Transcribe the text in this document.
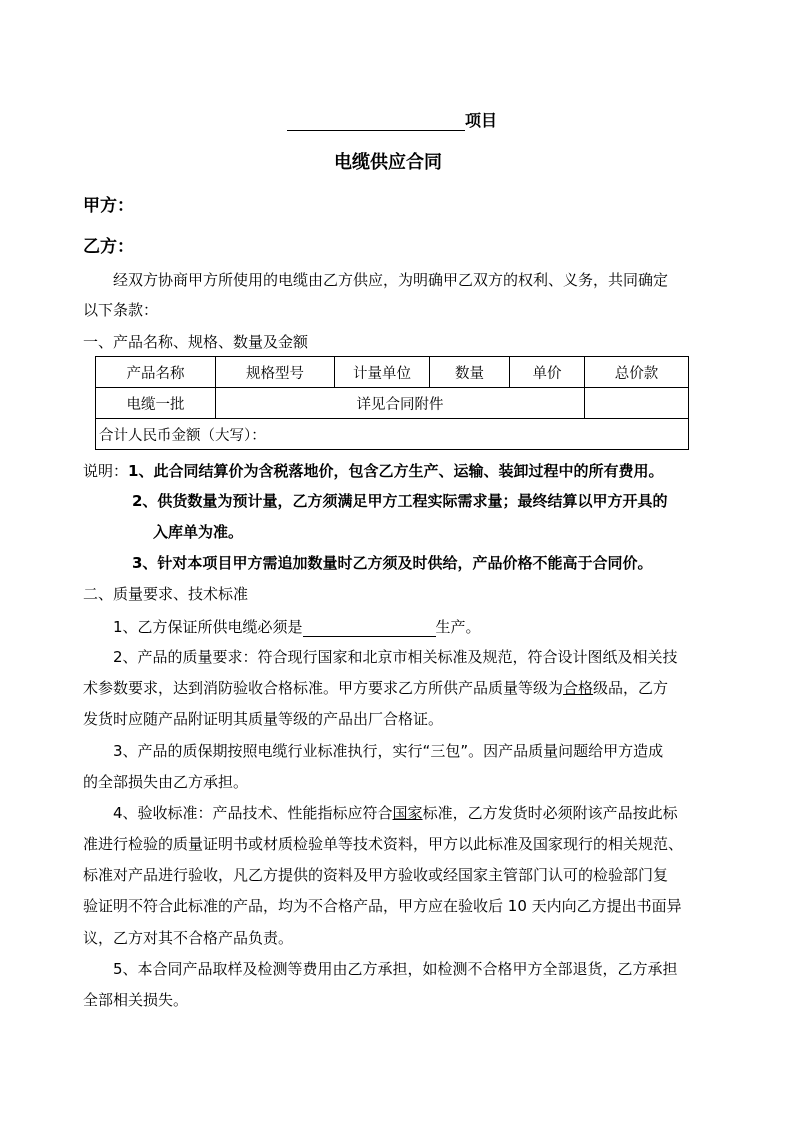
项目
电缆供应合同
甲方：
乙方：
经双方协商甲方所使用的电缆由乙方供应，为明确甲乙双方的权利、义务，共同确定
以下条款：
一、产品名称、规格、数量及金额
产品名称	规格型号	计量单位	数量	单价	总价款
电缆一批	详见合同附件				
合计人民币金额（大写）：					
说明：1、此合同结算价为含税落地价，包含乙方生产、运输、装卸过程中的所有费用。
2、供货数量为预计量，乙方须满足甲方工程实际需求量；最终结算以甲方开具的
入库单为准。
3、针对本项目甲方需追加数量时乙方须及时供给，产品价格不能高于合同价。
二、质量要求、技术标准
1、乙方保证所供电缆必须是	生产。
2、产品的质量要求：符合现行国家和北京市相关标准及规范，符合设计图纸及相关技
术参数要求，达到消防验收合格标准。甲方要求乙方所供产品质量等级为合格级品，乙方
发货时应随产品附证明其质量等级的产品出厂合格证。
3、产品的质保期按照电缆行业标准执行，实行“三包”。因产品质量问题给甲方造成
的全部损失由乙方承担。
4、验收标准：产品技术、性能指标应符合国家标准，乙方发货时必须附该产品按此标
准进行检验的质量证明书或材质检验单等技术资料，甲方以此标准及国家现行的相关规范、
标准对产品进行验收，凡乙方提供的资料及甲方验收或经国家主管部门认可的检验部门复
验证明不符合此标准的产品，均为不合格产品，甲方应在验收后 10 天内向乙方提出书面异
议，乙方对其不合格产品负责。
5、本合同产品取样及检测等费用由乙方承担，如检测不合格甲方全部退货，乙方承担
全部相关损失。
